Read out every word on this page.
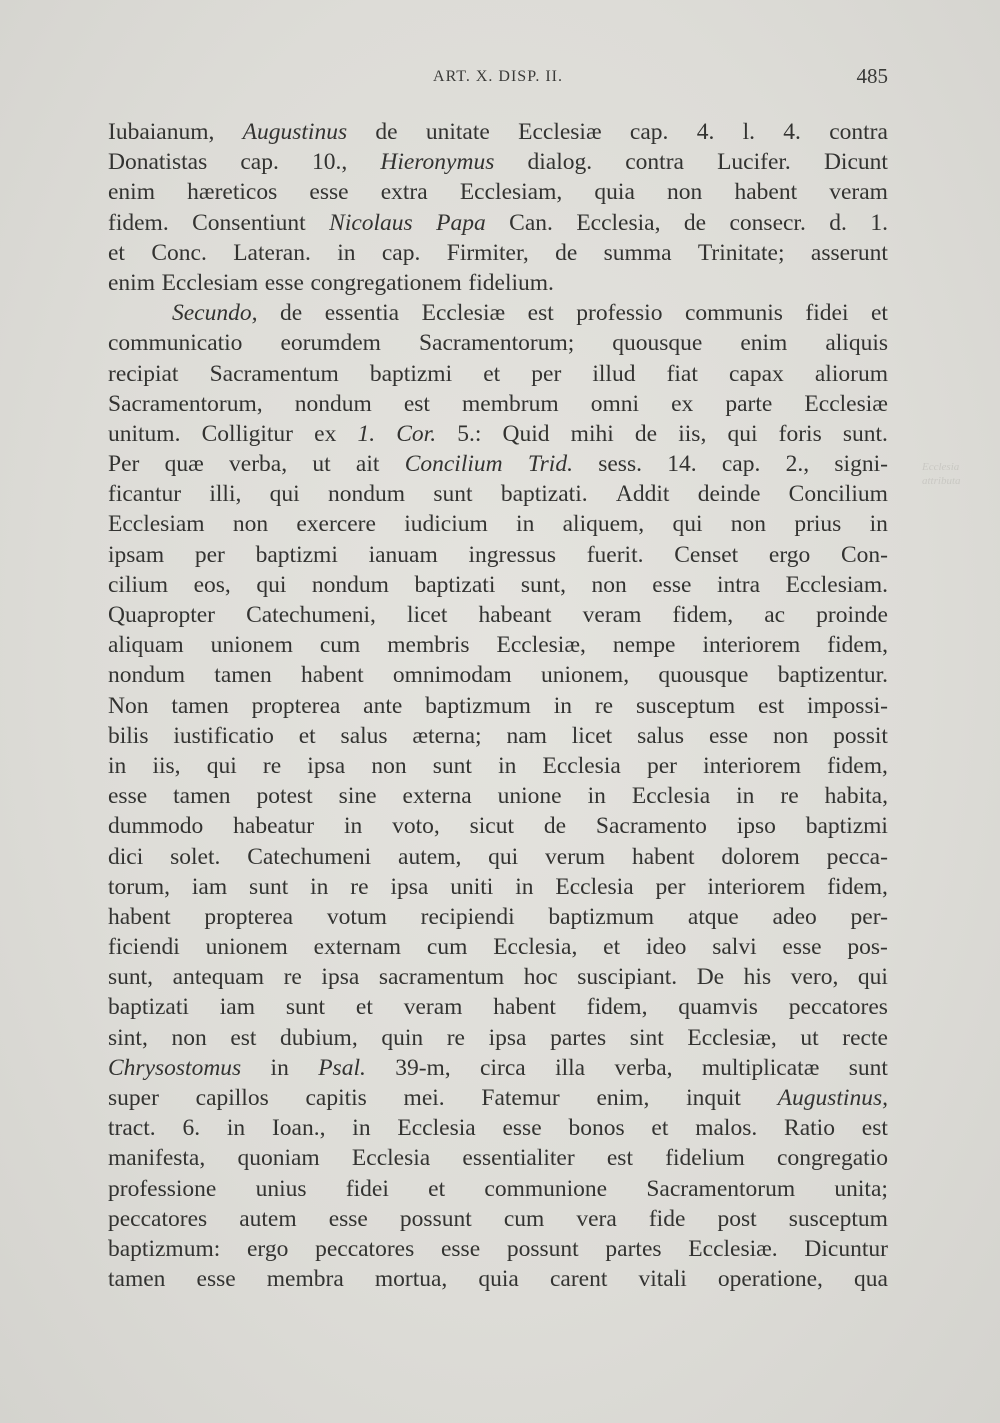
ART. X. DISP. II.	485
Ecclesia
attributa
Iubaianum, Augustinus de unitate Ecclesiæ cap. 4. l. 4. contra
Donatistas cap. 10., Hieronymus dialog. contra Lucifer. Dicunt
enim hæreticos esse extra Ecclesiam, quia non habent veram
fidem. Consentiunt Nicolaus Papa Can. Ecclesia, de consecr. d. 1.
et Conc. Lateran. in cap. Firmiter, de summa Trinitate; asserunt
enim Ecclesiam esse congregationem fidelium.
Secundo, de essentia Ecclesiæ est professio communis fidei et
communicatio eorumdem Sacramentorum; quousque enim aliquis
recipiat Sacramentum baptizmi et per illud fiat capax aliorum
Sacramentorum, nondum est membrum omni ex parte Ecclesiæ
unitum. Colligitur ex 1. Cor. 5.: Quid mihi de iis, qui foris sunt.
Per quæ verba, ut ait Concilium Trid. sess. 14. cap. 2., signi-
ficantur illi, qui nondum sunt baptizati. Addit deinde Concilium
Ecclesiam non exercere iudicium in aliquem, qui non prius in
ipsam per baptizmi ianuam ingressus fuerit. Censet ergo Con-
cilium eos, qui nondum baptizati sunt, non esse intra Ecclesiam.
Quapropter Catechumeni, licet habeant veram fidem, ac proinde
aliquam unionem cum membris Ecclesiæ, nempe interiorem fidem,
nondum tamen habent omnimodam unionem, quousque baptizentur.
Non tamen propterea ante baptizmum in re susceptum est impossi-
bilis iustificatio et salus æterna; nam licet salus esse non possit
in iis, qui re ipsa non sunt in Ecclesia per interiorem fidem,
esse tamen potest sine externa unione in Ecclesia in re habita,
dummodo habeatur in voto, sicut de Sacramento ipso baptizmi
dici solet. Catechumeni autem, qui verum habent dolorem pecca-
torum, iam sunt in re ipsa uniti in Ecclesia per interiorem fidem,
habent propterea votum recipiendi baptizmum atque adeo per-
ficiendi unionem externam cum Ecclesia, et ideo salvi esse pos-
sunt, antequam re ipsa sacramentum hoc suscipiant. De his vero, qui
baptizati iam sunt et veram habent fidem, quamvis peccatores
sint, non est dubium, quin re ipsa partes sint Ecclesiæ, ut recte
Chrysostomus in Psal. 39-m, circa illa verba, multiplicatæ sunt
super capillos capitis mei. Fatemur enim, inquit Augustinus,
tract. 6. in Ioan., in Ecclesia esse bonos et malos. Ratio est
manifesta, quoniam Ecclesia essentialiter est fidelium congregatio
professione unius fidei et communione Sacramentorum unita;
peccatores autem esse possunt cum vera fide post susceptum
baptizmum: ergo peccatores esse possunt partes Ecclesiæ. Dicuntur
tamen esse membra mortua, quia carent vitali operatione, qua
